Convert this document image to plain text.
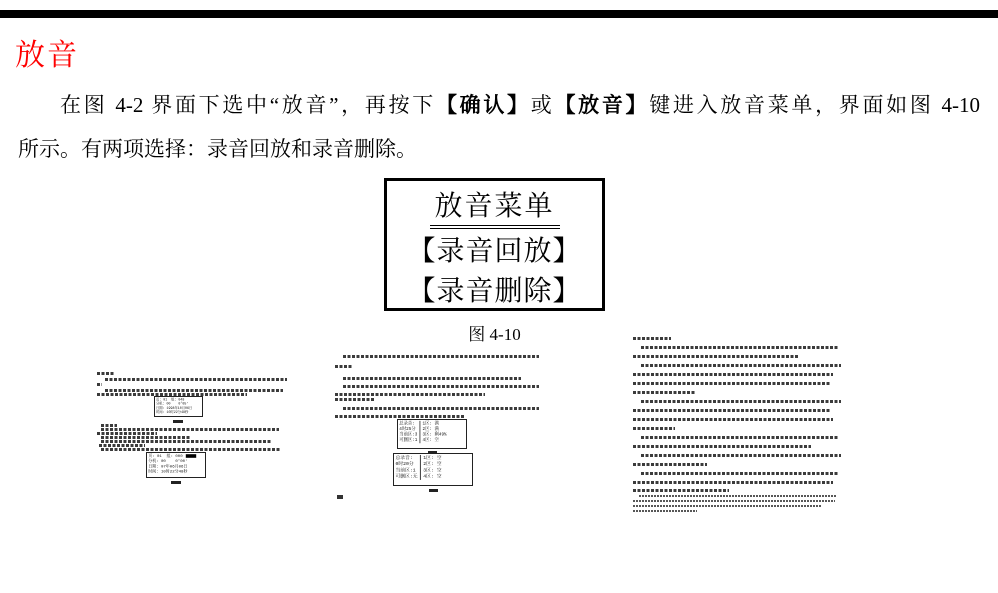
放音
在图 4-2 界面下选中“放音”，再按下【确认】或【放音】键进入放音菜单，界面如图 4-10
所示。有两项选择：录音回放和录音删除。
放音菜单
【录音回放】
【录音删除】
图 4-10
页: 01  组: 048
分机: 00    0°05′
日期: 1998年10月06日
时间: 10时22分48秒
页: 01  组: 000
分机: 00    0°00′
日期: 07年06月06日
时间: 10时22分48秒
总录音:
4时25分
当前区:3
可删区:1
1区: 满
2区: 满
3区: 剩49%
4区: 空
总录音:
0时20分
当前区:1
可删区:无
1区: 空
2区: 空
3区: 空
4区: 空
